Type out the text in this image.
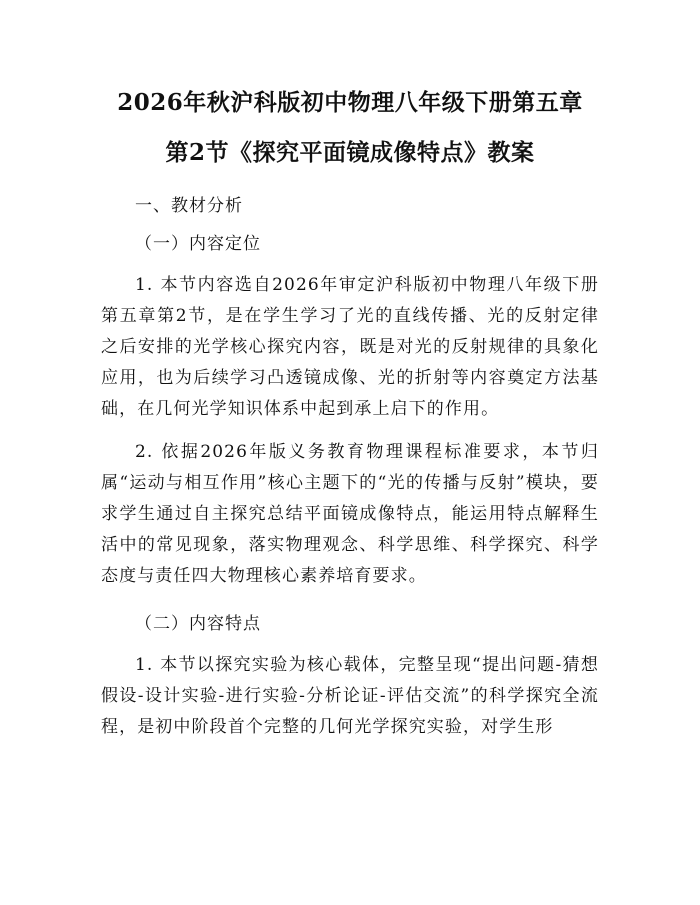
2026年秋沪科版初中物理八年级下册第五章
第2节《探究平面镜成像特点》教案

一、教材分析

（一）内容定位

1. 本节内容选自2026年审定沪科版初中物理八年级下册第五章第2节，是在学生学习了光的直线传播、光的反射定律之后安排的光学核心探究内容，既是对光的反射规律的具象化应用，也为后续学习凸透镜成像、光的折射等内容奠定方法基础，在几何光学知识体系中起到承上启下的作用。

2. 依据2026年版义务教育物理课程标准要求，本节归属“运动与相互作用”核心主题下的“光的传播与反射”模块，要求学生通过自主探究总结平面镜成像特点，能运用特点解释生活中的常见现象，落实物理观念、科学思维、科学探究、科学态度与责任四大物理核心素养培育要求。

（二）内容特点

1. 本节以探究实验为核心载体，完整呈现“提出问题-猜想假设-设计实验-进行实验-分析论证-评估交流”的科学探究全流程，是初中阶段首个完整的几何光学探究实验，对学生形
